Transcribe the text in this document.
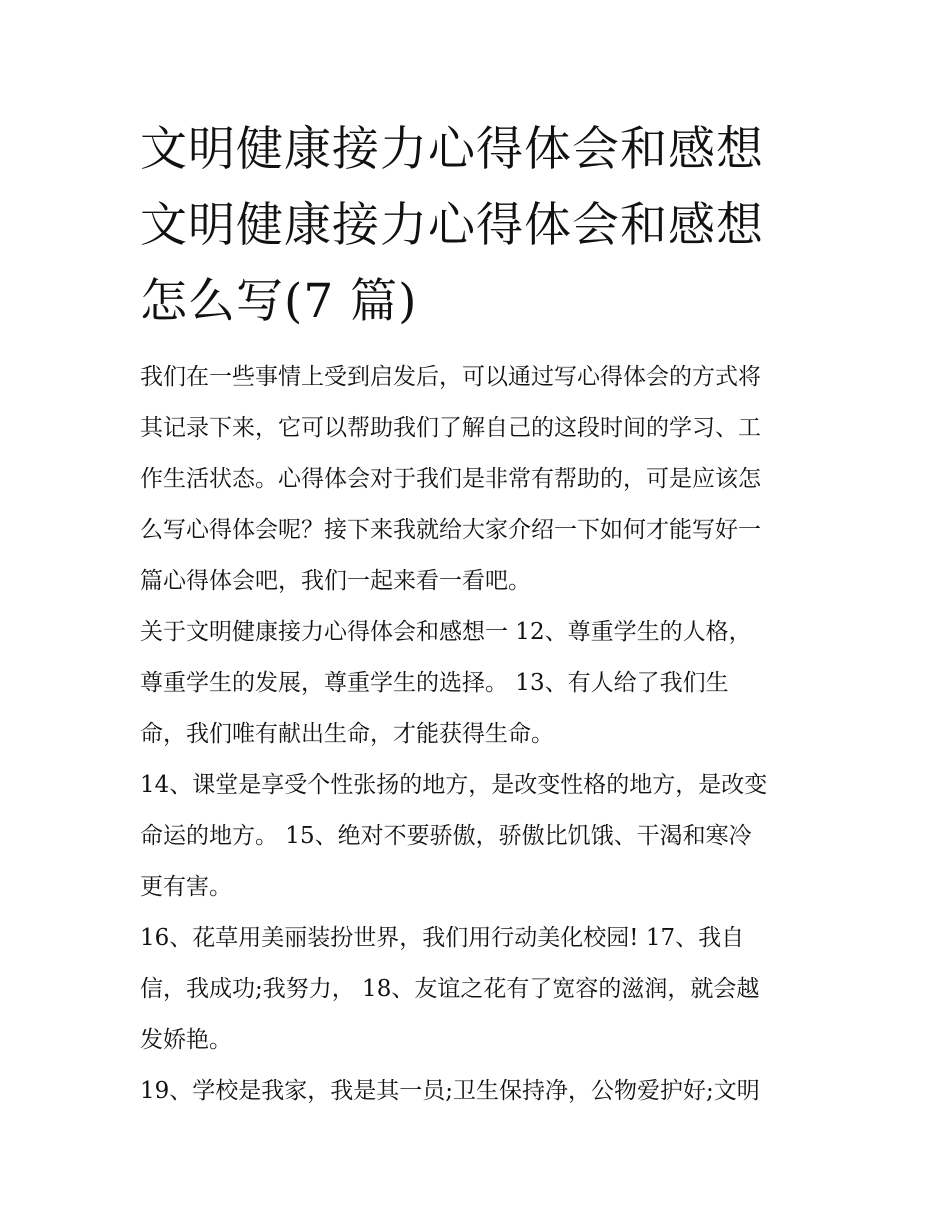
文明健康接力心得体会和感想
文明健康接力心得体会和感想
怎么写(7 篇)

我们在一些事情上受到启发后，可以通过写心得体会的方式将
其记录下来，它可以帮助我们了解自己的这段时间的学习、工
作生活状态。心得体会对于我们是非常有帮助的，可是应该怎
么写心得体会呢？接下来我就给大家介绍一下如何才能写好一
篇心得体会吧，我们一起来看一看吧。

关于文明健康接力心得体会和感想一 12、尊重学生的人格，
尊重学生的发展，尊重学生的选择。 13、有人给了我们生
命，我们唯有献出生命，才能获得生命。

14、课堂是享受个性张扬的地方，是改变性格的地方，是改变
命运的地方。 15、绝对不要骄傲，骄傲比饥饿、干渴和寒冷
更有害。

16、花草用美丽装扮世界，我们用行动美化校园! 17、我自
信，我成功;我努力， 18、友谊之花有了宽容的滋润，就会越
发娇艳。

19、学校是我家，我是其一员;卫生保持净，公物爱护好;文明
